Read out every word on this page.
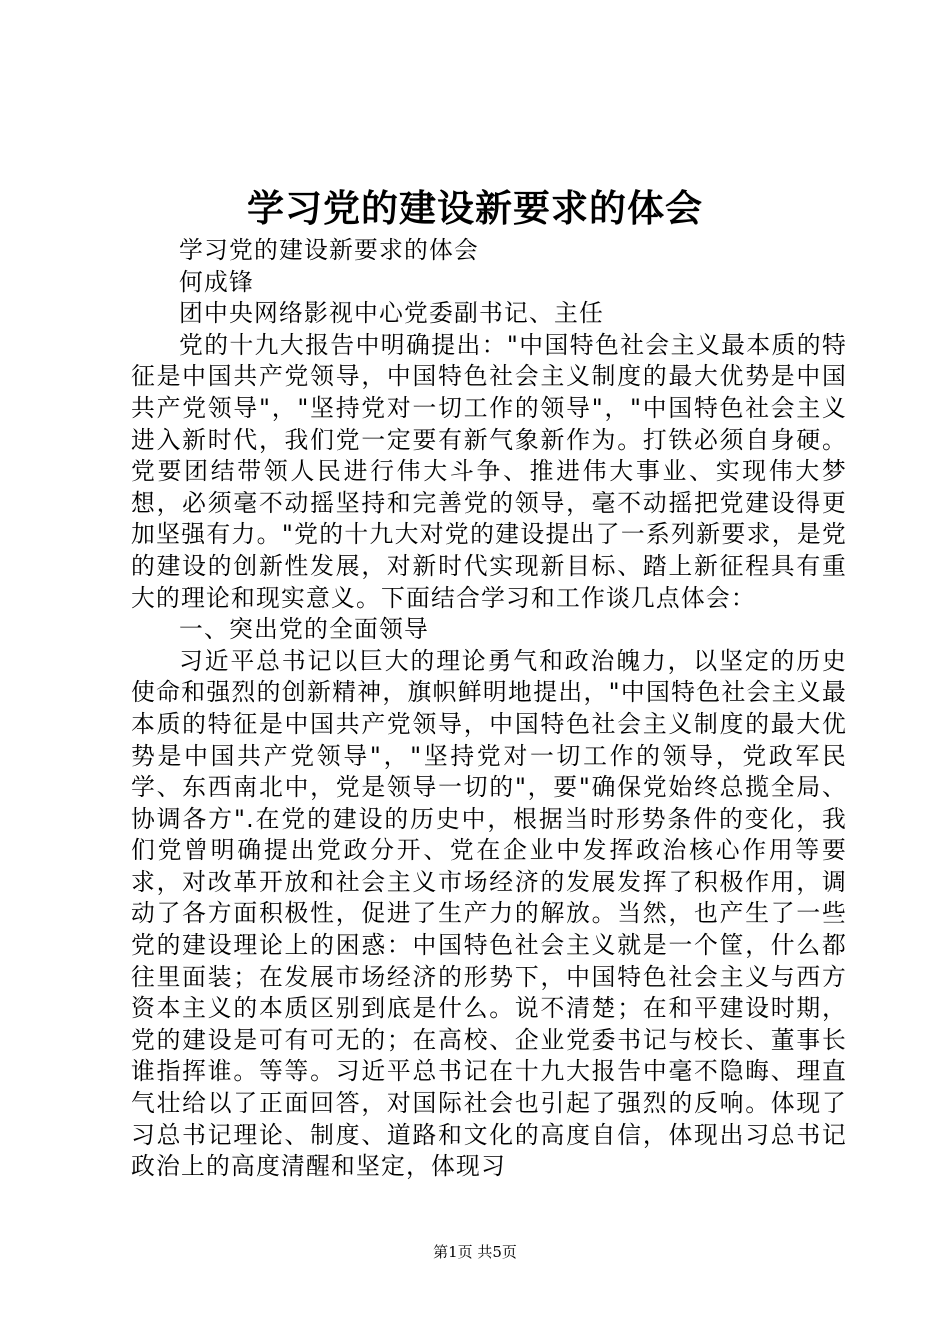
学习党的建设新要求的体会

学习党的建设新要求的体会

何成锋

团中央网络影视中心党委副书记、主任

党的十九大报告中明确提出："中国特色社会主义最本质的特征是中国共产党领导，中国特色社会主义制度的最大优势是中国共产党领导"，"坚持党对一切工作的领导"，"中国特色社会主义进入新时代，我们党一定要有新气象新作为。打铁必须自身硬。党要团结带领人民进行伟大斗争、推进伟大事业、实现伟大梦想，必须毫不动摇坚持和完善党的领导，毫不动摇把党建设得更加坚强有力。"党的十九大对党的建设提出了一系列新要求，是党的建设的创新性发展，对新时代实现新目标、踏上新征程具有重大的理论和现实意义。下面结合学习和工作谈几点体会：

一、突出党的全面领导

习近平总书记以巨大的理论勇气和政治魄力，以坚定的历史使命和强烈的创新精神，旗帜鲜明地提出，"中国特色社会主义最本质的特征是中国共产党领导，中国特色社会主义制度的最大优势是中国共产党领导"，"坚持党对一切工作的领导，党政军民学、东西南北中，党是领导一切的"，要"确保党始终总揽全局、协调各方".在党的建设的历史中，根据当时形势条件的变化，我们党曾明确提出党政分开、党在企业中发挥政治核心作用等要求，对改革开放和社会主义市场经济的发展发挥了积极作用，调动了各方面积极性，促进了生产力的解放。当然，也产生了一些党的建设理论上的困惑：中国特色社会主义就是一个筐，什么都往里面装；在发展市场经济的形势下，中国特色社会主义与西方资本主义的本质区别到底是什么。说不清楚；在和平建设时期，党的建设是可有可无的；在高校、企业党委书记与校长、董事长谁指挥谁。等等。习近平总书记在十九大报告中毫不隐晦、理直气壮给以了正面回答，对国际社会也引起了强烈的反响。体现了习总书记理论、制度、道路和文化的高度自信，体现出习总书记政治上的高度清醒和坚定，体现习

第1页 共5页
